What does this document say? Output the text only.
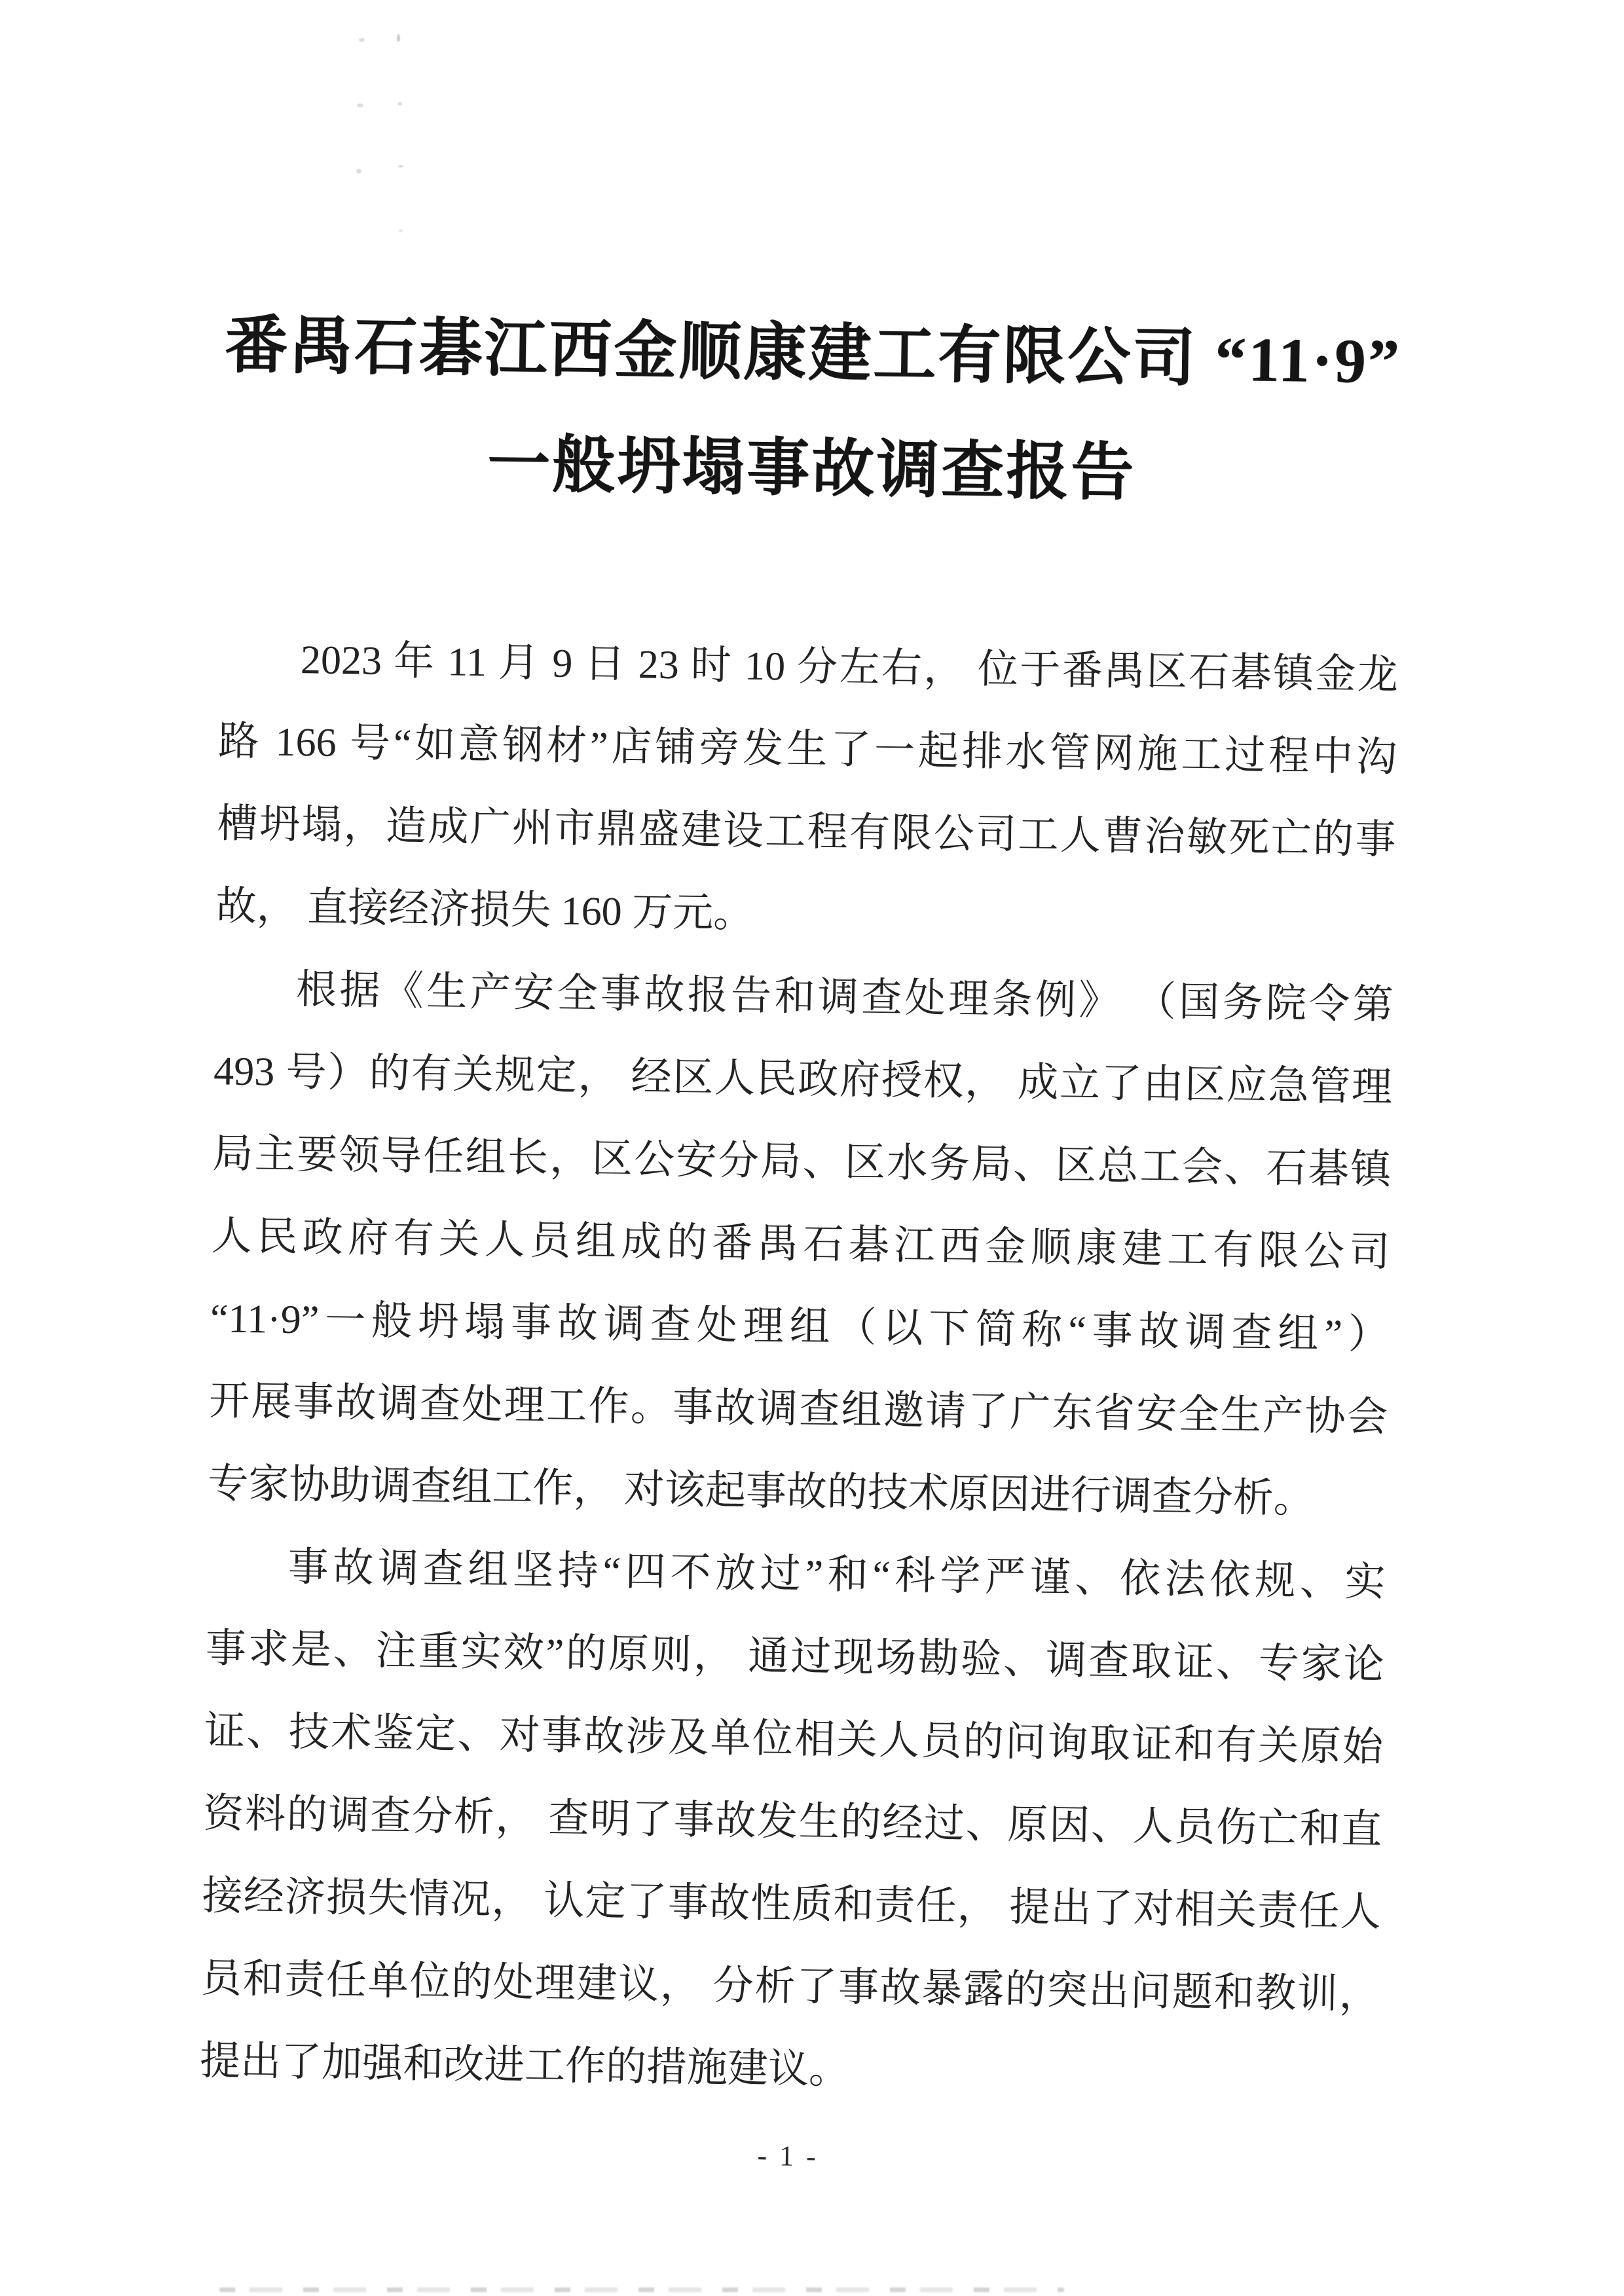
番禺石碁江西金顺康建工有限公司 “11·9”
一般坍塌事故调查报告
2023 年 11 月 9 日 23 时 10 分左右， 位于番禺区石碁镇金龙
路 166 号“如意钢材”店铺旁发生了一起排水管网施工过程中沟
槽坍塌，造成广州市鼎盛建设工程有限公司工人曹治敏死亡的事
故， 直接经济损失 160 万元。
根据《生产安全事故报告和调查处理条例》 （国务院令第
493 号）的有关规定， 经区人民政府授权， 成立了由区应急管理
局主要领导任组长，区公安分局、区水务局、区总工会、石碁镇
人民政府有关人员组成的番禺石碁江西金顺康建工有限公司
“11·9”一般坍塌事故调查处理组（以下简称“事故调查组”）
开展事故调查处理工作。事故调查组邀请了广东省安全生产协会
专家协助调查组工作， 对该起事故的技术原因进行调查分析。
事故调查组坚持“四不放过”和“科学严谨、依法依规、实
事求是、注重实效”的原则， 通过现场勘验、调查取证、专家论
证、技术鉴定、对事故涉及单位相关人员的问询取证和有关原始
资料的调查分析， 查明了事故发生的经过、原因、人员伤亡和直
接经济损失情况， 认定了事故性质和责任， 提出了对相关责任人
员和责任单位的处理建议， 分析了事故暴露的突出问题和教训，
提出了加强和改进工作的措施建议。
- 1 -
